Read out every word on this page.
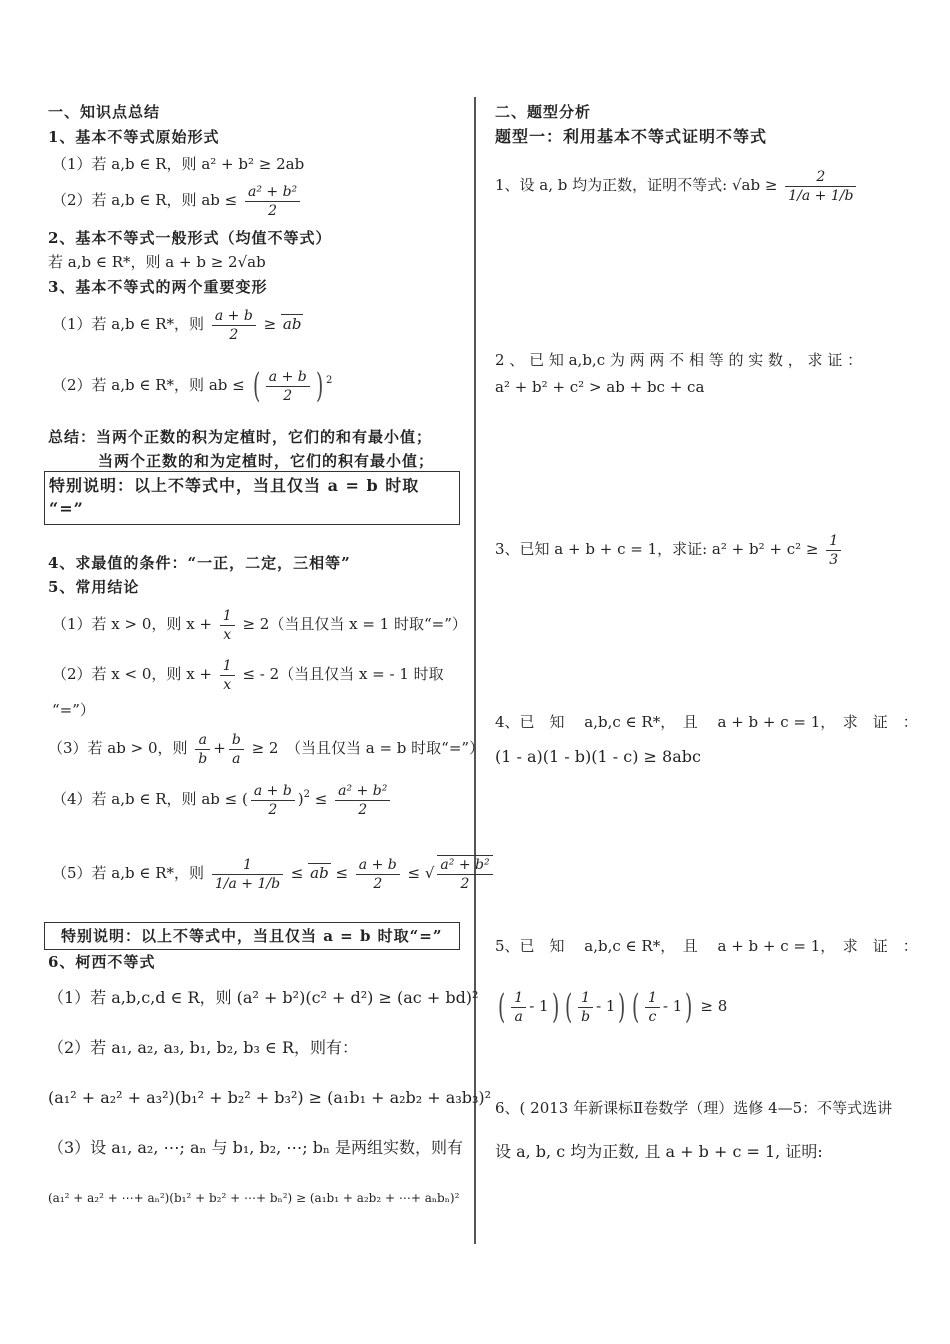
一、知识点总结
1、基本不等式原始形式
（1）若 a,b ∈ R，则 a² + b² ≥ 2ab
（2）若 a,b ∈ R，则 ab ≤ $\frac{\text{a² + b²}}{2}$
2、基本不等式一般形式（均值不等式）
若 a,b ∈ R*，则 a + b ≥ 2√ab
3、基本不等式的两个重要变形
（1）若 a,b ∈ R*，则 $\frac{a + b}{2}$ ≥ ab
（2）若 a,b ∈ R*，则 ab ≤ ( $\frac{a + b}{2}$ ) $^2$
总结：当两个正数的积为定植时，它们的和有最小值；
当两个正数的和为定植时，它们的积有最小值；
特别说明：以上不等式中，当且仅当 a = b 时取
“=”
4、求最值的条件：“一正，二定，三相等”
5、常用结论
（1）若 x > 0，则 $x + \frac{1}{x} \ge 2$（当且仅当 x = 1 时取“=”）
（2）若 x < 0，则 $x + \frac{1}{x}$ ≤ - 2（当且仅当 x = - 1 时取
“=”）
（3）若 ab > 0，则 $\frac{a}{b} + \frac{b}{a} \ge 2$　（当且仅当 a = b 时取“=”）
（4）若 a,b ∈ R，则 ab ≤ ( $\frac{a + b}{2} )^2 \le \frac{\text{a² + b²}}{2}$
（5）若 a,b ∈ R*，则 $\frac{1}{1/a + 1/b}$ ≤ ab ≤ $\frac{a + b}{2}$ ≤ √ $\frac{\text{a² + b²}}{2}$
特别说明：以上不等式中，当且仅当 a = b 时取“=”
6、柯西不等式
（1）若 a,b,c,d ∈ R，则 (a² + b²)(c² + d²) ≥ (ac + bd)²
（2）若 a₁, a₂, a₃, b₁, b₂, b₃ ∈ R，则有：
(a₁² + a₂² + a₃²)(b₁² + b₂² + b₃²) ≥ (a₁b₁ + a₂b₂ + a₃b₃)²
（3）设 a₁, a₂, ⋯; aₙ 与 b₁, b₂, ⋯; bₙ 是两组实数，则有
(a₁² + a₂² + ⋯+ aₙ²)(b₁² + b₂² + ⋯+ bₙ²) ≥ (a₁b₁ + a₂b₂ + ⋯+ aₙbₙ)²
二、题型分析
题型一：利用基本不等式证明不等式
1、设 a, b 均为正数，证明不等式: $√ab \ge \frac{2}{1/a + 1/b}$
2 、 已 知 a,b,c 为 两 两 不 相 等 的 实 数 ， 求 证 ：
a² + b² + c² > ab + bc + ca
3、已知 a + b + c = 1，求证: $a^2 + b^2 + c^2 \ge \frac{1}{3}$
4、已　知　 a,b,c ∈ R*，　且　 a + b + c = 1，　求　证　：
(1 - a)(1 - b)(1 - c) ≥ 8abc
5、已　知　 a,b,c ∈ R*，　且　 a + b + c = 1，　求　证　：
( $\frac{1}{a} - 1$) ( $\frac{1}{b} - 1$) ( $\frac{1}{c} - 1) \ge 8$
6、( 2013 年新课标Ⅱ卷数学（理）选修 4—5：不等式选讲
设 a, b, c 均为正数, 且 a + b + c = 1, 证明:
